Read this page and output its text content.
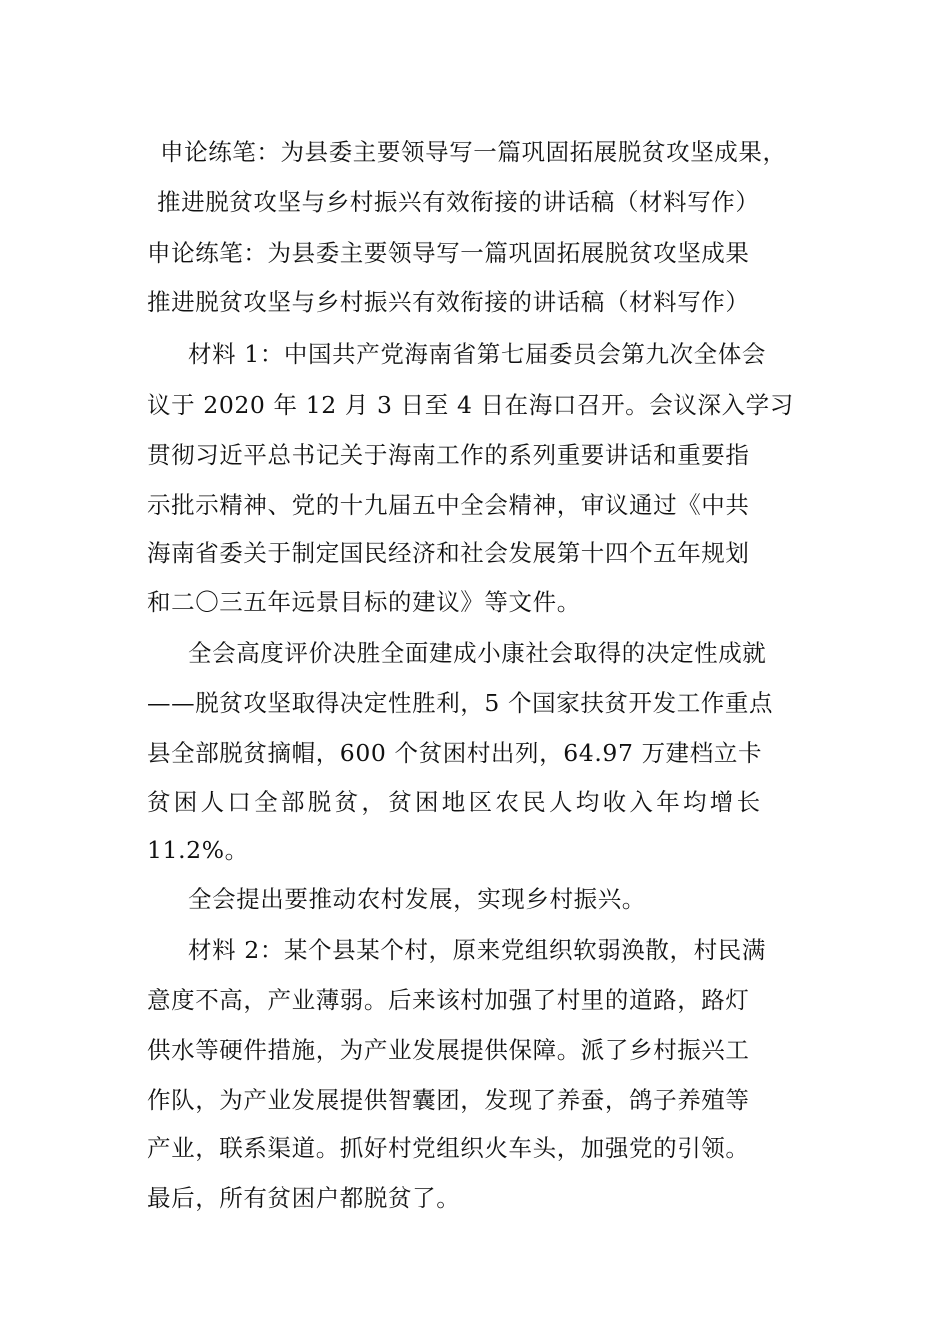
申论练笔：为县委主要领导写一篇巩固拓展脱贫攻坚成果，
推进脱贫攻坚与乡村振兴有效衔接的讲话稿（材料写作）
申论练笔：为县委主要领导写一篇巩固拓展脱贫攻坚成果
推进脱贫攻坚与乡村振兴有效衔接的讲话稿（材料写作）
材料 1：中国共产党海南省第七届委员会第九次全体会
议于 2020 年 12 月 3 日至 4 日在海口召开。会议深入学习
贯彻习近平总书记关于海南工作的系列重要讲话和重要指
示批示精神、党的十九届五中全会精神，审议通过《中共
海南省委关于制定国民经济和社会发展第十四个五年规划
和二〇三五年远景目标的建议》等文件。
全会高度评价决胜全面建成小康社会取得的决定性成就
——脱贫攻坚取得决定性胜利，5 个国家扶贫开发工作重点
县全部脱贫摘帽，600 个贫困村出列，64.97 万建档立卡
贫困人口全部脱贫，贫困地区农民人均收入年均增长
11.2%。
全会提出要推动农村发展，实现乡村振兴。
材料 2：某个县某个村，原来党组织软弱涣散，村民满
意度不高，产业薄弱。后来该村加强了村里的道路，路灯
供水等硬件措施，为产业发展提供保障。派了乡村振兴工
作队，为产业发展提供智囊团，发现了养蚕，鸽子养殖等
产业，联系渠道。抓好村党组织火车头，加强党的引领。
最后，所有贫困户都脱贫了。
